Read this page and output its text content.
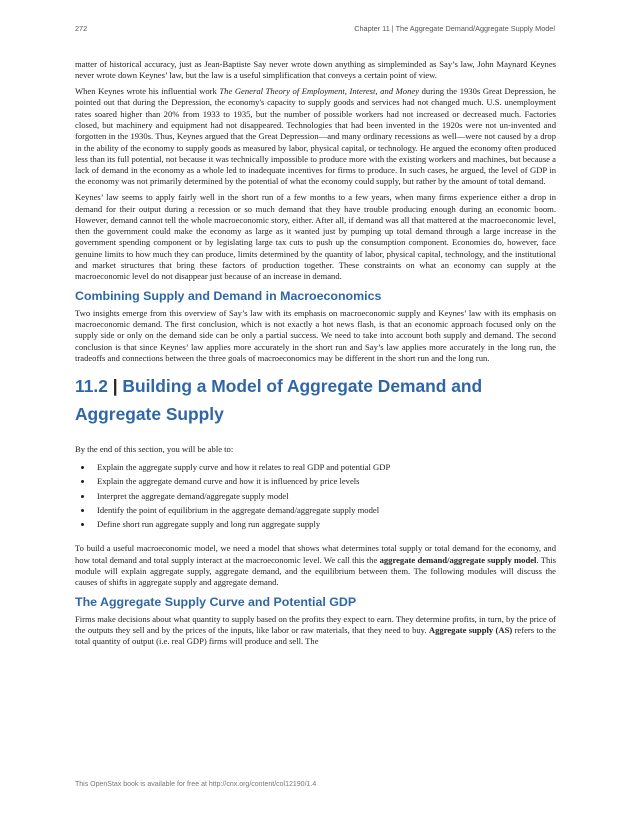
272	Chapter 11 | The Aggregate Demand/Aggregate Supply Model

matter of historical accuracy, just as Jean-Baptiste Say never wrote down anything as simpleminded as Say’s law, John Maynard Keynes never wrote down Keynes’ law, but the law is a useful simplification that conveys a certain point of view.

When Keynes wrote his influential work The General Theory of Employment, Interest, and Money during the 1930s Great Depression, he pointed out that during the Depression, the economy's capacity to supply goods and services had not changed much. U.S. unemployment rates soared higher than 20% from 1933 to 1935, but the number of possible workers had not increased or decreased much. Factories closed, but machinery and equipment had not disappeared. Technologies that had been invented in the 1920s were not un-invented and forgotten in the 1930s. Thus, Keynes argued that the Great Depression—and many ordinary recessions as well—were not caused by a drop in the ability of the economy to supply goods as measured by labor, physical capital, or technology. He argued the economy often produced less than its full potential, not because it was technically impossible to produce more with the existing workers and machines, but because a lack of demand in the economy as a whole led to inadequate incentives for firms to produce. In such cases, he argued, the level of GDP in the economy was not primarily determined by the potential of what the economy could supply, but rather by the amount of total demand.

Keynes’ law seems to apply fairly well in the short run of a few months to a few years, when many firms experience either a drop in demand for their output during a recession or so much demand that they have trouble producing enough during an economic boom. However, demand cannot tell the whole macroeconomic story, either. After all, if demand was all that mattered at the macroeconomic level, then the government could make the economy as large as it wanted just by pumping up total demand through a large increase in the government spending component or by legislating large tax cuts to push up the consumption component. Economies do, however, face genuine limits to how much they can produce, limits determined by the quantity of labor, physical capital, technology, and the institutional and market structures that bring these factors of production together. These constraints on what an economy can supply at the macroeconomic level do not disappear just because of an increase in demand.

Combining Supply and Demand in Macroeconomics

Two insights emerge from this overview of Say’s law with its emphasis on macroeconomic supply and Keynes’ law with its emphasis on macroeconomic demand. The first conclusion, which is not exactly a hot news flash, is that an economic approach focused only on the supply side or only on the demand side can be only a partial success. We need to take into account both supply and demand. The second conclusion is that since Keynes’ law applies more accurately in the short run and Say’s law applies more accurately in the long run, the tradeoffs and connections between the three goals of macroeconomics may be different in the short run and the long run.

11.2 | Building a Model of Aggregate Demand and Aggregate Supply

By the end of this section, you will be able to:

• Explain the aggregate supply curve and how it relates to real GDP and potential GDP
• Explain the aggregate demand curve and how it is influenced by price levels
• Interpret the aggregate demand/aggregate supply model
• Identify the point of equilibrium in the aggregate demand/aggregate supply model
• Define short run aggregate supply and long run aggregate supply

To build a useful macroeconomic model, we need a model that shows what determines total supply or total demand for the economy, and how total demand and total supply interact at the macroeconomic level. We call this the aggregate demand/aggregate supply model. This module will explain aggregate supply, aggregate demand, and the equilibrium between them. The following modules will discuss the causes of shifts in aggregate supply and aggregate demand.

The Aggregate Supply Curve and Potential GDP

Firms make decisions about what quantity to supply based on the profits they expect to earn. They determine profits, in turn, by the price of the outputs they sell and by the prices of the inputs, like labor or raw materials, that they need to buy. Aggregate supply (AS) refers to the total quantity of output (i.e. real GDP) firms will produce and sell. The

This OpenStax book is available for free at http://cnx.org/content/col12190/1.4
